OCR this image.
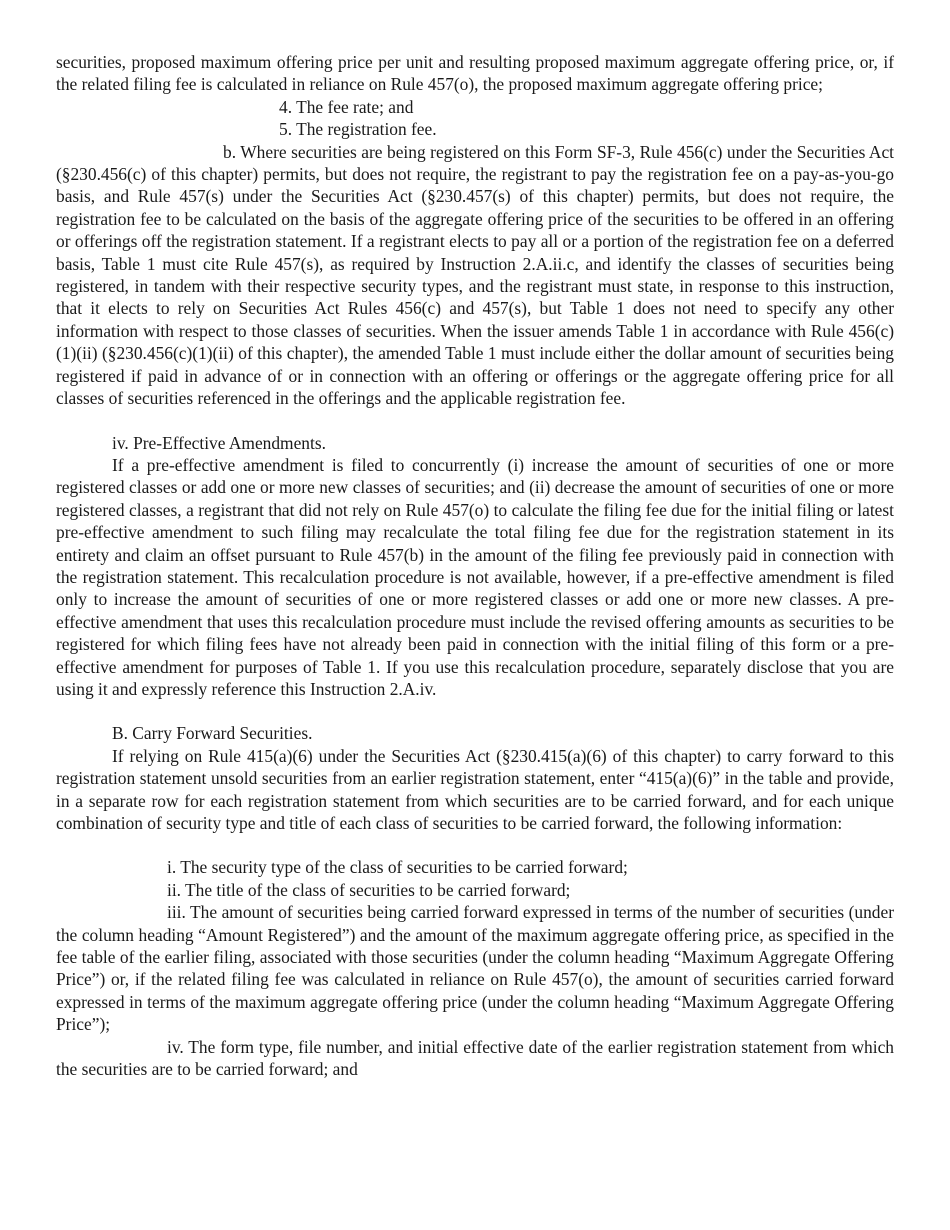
securities, proposed maximum offering price per unit and resulting proposed maximum aggregate offering price, or, if the related filing fee is calculated in reliance on Rule 457(o), the proposed maximum aggregate offering price;

4. The fee rate; and

5. The registration fee.

b. Where securities are being registered on this Form SF-3, Rule 456(c) under the Securities Act (§230.456(c) of this chapter) permits, but does not require, the registrant to pay the registration fee on a pay-as-you-go basis, and Rule 457(s) under the Securities Act (§230.457(s) of this chapter) permits, but does not require, the registration fee to be calculated on the basis of the aggregate offering price of the securities to be offered in an offering or offerings off the registration statement. If a registrant elects to pay all or a portion of the registration fee on a deferred basis, Table 1 must cite Rule 457(s), as required by Instruction 2.A.ii.c, and identify the classes of securities being registered, in tandem with their respective security types, and the registrant must state, in response to this instruction, that it elects to rely on Securities Act Rules 456(c) and 457(s), but Table 1 does not need to specify any other information with respect to those classes of securities. When the issuer amends Table 1 in accordance with Rule 456(c)(1)(ii) (§230.456(c)(1)(ii) of this chapter), the amended Table 1 must include either the dollar amount of securities being registered if paid in advance of or in connection with an offering or offerings or the aggregate offering price for all classes of securities referenced in the offerings and the applicable registration fee.

iv. Pre-Effective Amendments.

If a pre-effective amendment is filed to concurrently (i) increase the amount of securities of one or more registered classes or add one or more new classes of securities; and (ii) decrease the amount of securities of one or more registered classes, a registrant that did not rely on Rule 457(o) to calculate the filing fee due for the initial filing or latest pre-effective amendment to such filing may recalculate the total filing fee due for the registration statement in its entirety and claim an offset pursuant to Rule 457(b) in the amount of the filing fee previously paid in connection with the registration statement. This recalculation procedure is not available, however, if a pre-effective amendment is filed only to increase the amount of securities of one or more registered classes or add one or more new classes. A pre-effective amendment that uses this recalculation procedure must include the revised offering amounts as securities to be registered for which filing fees have not already been paid in connection with the initial filing of this form or a pre-effective amendment for purposes of Table 1. If you use this recalculation procedure, separately disclose that you are using it and expressly reference this Instruction 2.A.iv.

B. Carry Forward Securities.

If relying on Rule 415(a)(6) under the Securities Act (§230.415(a)(6) of this chapter) to carry forward to this registration statement unsold securities from an earlier registration statement, enter “415(a)(6)” in the table and provide, in a separate row for each registration statement from which securities are to be carried forward, and for each unique combination of security type and title of each class of securities to be carried forward, the following information:

i. The security type of the class of securities to be carried forward;

ii. The title of the class of securities to be carried forward;

iii. The amount of securities being carried forward expressed in terms of the number of securities (under the column heading “Amount Registered”) and the amount of the maximum aggregate offering price, as specified in the fee table of the earlier filing, associated with those securities (under the column heading “Maximum Aggregate Offering Price”) or, if the related filing fee was calculated in reliance on Rule 457(o), the amount of securities carried forward expressed in terms of the maximum aggregate offering price (under the column heading “Maximum Aggregate Offering Price”);

iv. The form type, file number, and initial effective date of the earlier registration statement from which the securities are to be carried forward; and
